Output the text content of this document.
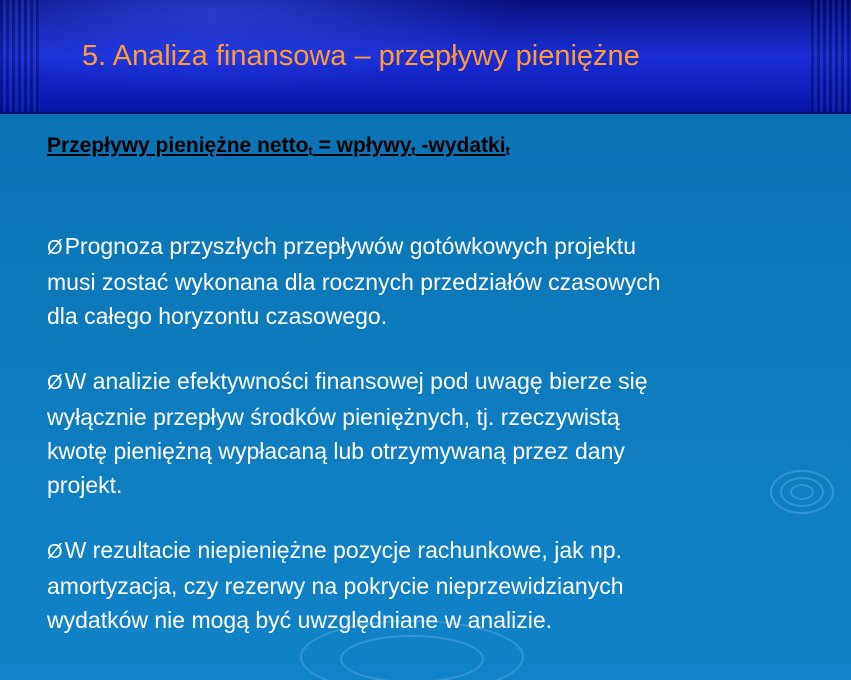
5. Analiza finansowa – przepływy pieniężne

Przepływy pieniężne netto$_t$ = wpływy$_t$ -wydatki$_t$

ØPrognoza przyszłych przepływów gotówkowych projektu
musi zostać wykonana dla rocznych przedziałów czasowych
dla całego horyzontu czasowego.

ØW analizie efektywności finansowej pod uwagę bierze się
wyłącznie przepływ środków pieniężnych, tj. rzeczywistą
kwotę pieniężną wypłacaną lub otrzymywaną przez dany
projekt.

ØW rezultacie niepieniężne pozycje rachunkowe, jak np.
amortyzacja, czy rezerwy na pokrycie nieprzewidzianych
wydatków nie mogą być uwzględniane w analizie.
